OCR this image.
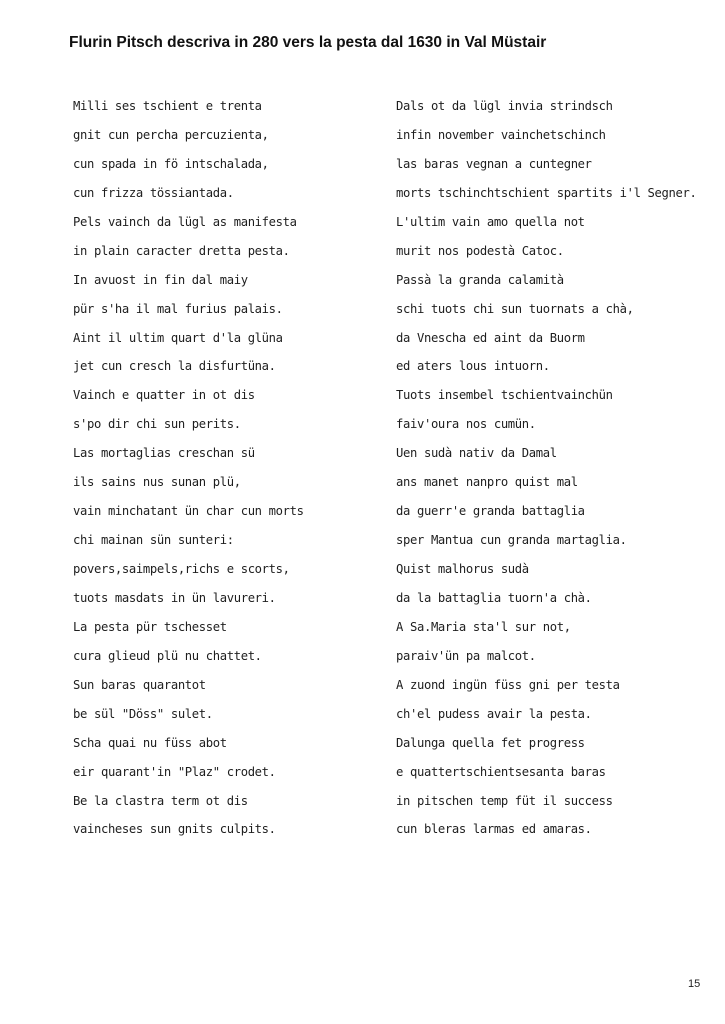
Flurin Pitsch descriva in 280 vers la pesta dal 1630 in Val Müstair
Milli ses tschient e trenta
gnit cun percha percuzienta,
cun spada in fö intschalada,
cun frizza tössiantada.
Pels vainch da lügl as manifesta
in plain caracter dretta pesta.
In avuost in fin dal maiy
pür s'ha il mal furius palais.
Aint il ultim quart d'la glüna
jet cun cresch la disfurtüna.
Vainch e quatter in ot dis
s'po dir chi sun perits.
Las mortaglias creschan sü
ils sains nus sunan plü,
vain minchatant ün char cun morts
chi mainan sün sunteri:
povers,saimpels,richs e scorts,
tuots masdats in ün lavureri.
La pesta pür tschesset
cura glieud plü nu chattet.
Sun baras quarantot
be sül "Döss" sulet.
Scha quai nu füss abot
eir quarant'in "Plaz" crodet.
Be la clastra term ot dis
vaincheses sun gnits culpits.
Dals ot da lügl invia strindsch
infin november vainchetschinch
las baras vegnan a cuntegner
morts tschinchtschient spartits i'l Segner.
L'ultim vain amo quella not
murit nos podestà Catoc.
Passà la granda calamità
schi tuots chi sun tuornats a chà,
da Vnescha ed aint da Buorm
ed aters lous intuorn.
Tuots insembel tschientvainchün
faiv'oura nos cumün.
Uen sudà nativ da Damal
ans manet nanpro quist mal
da guerr'e granda battaglia
sper Mantua cun granda martaglia.
Quist malhorus sudà
da la battaglia tuorn'a chà.
A Sa.Maria sta'l sur not,
paraiv'ün pa malcot.
A zuond ingün füss gni per testa
ch'el pudess avair la pesta.
Dalunga quella fet progress
e quattertschientsesanta baras
in pitschen temp füt il success
cun bleras larmas ed amaras.
15
